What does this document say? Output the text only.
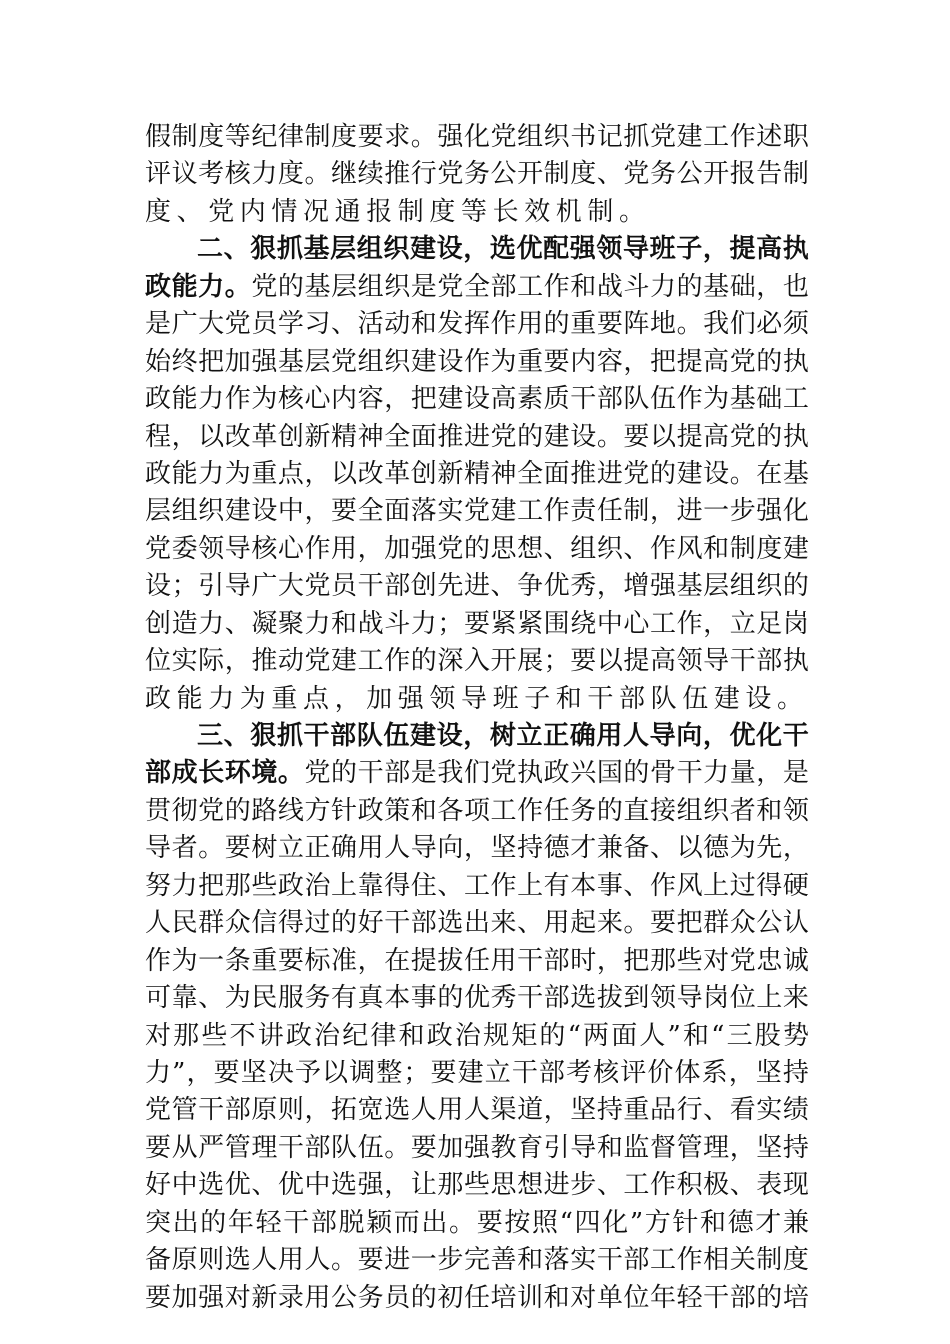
假 制 度 等 纪 律 制 度 要 求 。 强 化 党 组 织 书 记 抓 党 建 工 作 述 职
评 议 考 核 力 度 。 继 续 推 行 党 务 公 开 制 度 、 党 务 公 开 报 告 制
度、党内情况通报制度等长效机制。
二 、 狠 抓 基 层 组 织 建 设 ， 选 优 配 强 领 导 班 子 ， 提 高 执
政 能 力 。 党 的 基 层 组 织 是 党 全 部 工 作 和 战 斗 力 的 基 础 ， 也
是 广 大 党 员 学 习 、 活 动 和 发 挥 作 用 的 重 要 阵 地 。 我 们 必 须
始 终 把 加 强 基 层 党 组 织 建 设 作 为 重 要 内 容 ， 把 提 高 党 的 执
政 能 力 作 为 核 心 内 容 ， 把 建 设 高 素 质 干 部 队 伍 作 为 基 础 工
程 ， 以 改 革 创 新 精 神 全 面 推 进 党 的 建 设 。 要 以 提 高 党 的 执
政 能 力 为 重 点 ， 以 改 革 创 新 精 神 全 面 推 进 党 的 建 设 。 在 基
层 组 织 建 设 中 ， 要 全 面 落 实 党 建 工 作 责 任 制 ， 进 一 步 强 化
党 委 领 导 核 心 作 用 ， 加 强 党 的 思 想 、 组 织 、 作 风 和 制 度 建
设 ； 引 导 广 大 党 员 干 部 创 先 进 、 争 优 秀 ， 增 强 基 层 组 织 的
创 造 力 、 凝 聚 力 和 战 斗 力 ； 要 紧 紧 围 绕 中 心 工 作 ， 立 足 岗
位 实 际 ， 推 动 党 建 工 作 的 深 入 开 展 ； 要 以 提 高 领 导 干 部 执
政能力为重点，加强领导班子和干部队伍建设。
三 、 狠 抓 干 部 队 伍 建 设 ， 树 立 正 确 用 人 导 向 ， 优 化 干
部 成 长 环 境 。 党 的 干 部 是 我 们 党 执 政 兴 国 的 骨 干 力 量 ， 是
贯 彻 党 的 路 线 方 针 政 策 和 各 项 工 作 任 务 的 直 接 组 织 者 和 领
导 者 。 要 树 立 正 确 用 人 导 向 ， 坚 持 德 才 兼 备 、 以 德 为 先 ，
努 力 把 那 些 政 治 上 靠 得 住 、 工 作 上 有 本 事 、 作 风 上 过 得 硬
人 民 群 众 信 得 过 的 好 干 部 选 出 来 、 用 起 来 。 要 把 群 众 公 认
作 为 一 条 重 要 标 准 ， 在 提 拔 任 用 干 部 时 ， 把 那 些 对 党 忠 诚
可 靠 、 为 民 服 务 有 真 本 事 的 优 秀 干 部 选 拔 到 领 导 岗 位 上 来
对 那 些 不 讲 政 治 纪 律 和 政 治 规 矩 的 “ 两 面 人 ” 和 “ 三 股 势
力 ” ， 要 坚 决 予 以 调 整 ； 要 建 立 干 部 考 核 评 价 体 系 ， 坚 持
党 管 干 部 原 则 ， 拓 宽 选 人 用 人 渠 道 ， 坚 持 重 品 行 、 看 实 绩
要 从 严 管 理 干 部 队 伍 。 要 加 强 教 育 引 导 和 监 督 管 理 ， 坚 持
好 中 选 优 、 优 中 选 强 ， 让 那 些 思 想 进 步 、 工 作 积 极 、 表 现
突 出 的 年 轻 干 部 脱 颖 而 出 。 要 按 照 “ 四 化 ” 方 针 和 德 才 兼
备 原 则 选 人 用 人 。 要 进 一 步 完 善 和 落 实 干 部 工 作 相 关 制 度
要 加 强 对 新 录 用 公 务 员 的 初 任 培 训 和 对 单 位 年 轻 干 部 的 培
